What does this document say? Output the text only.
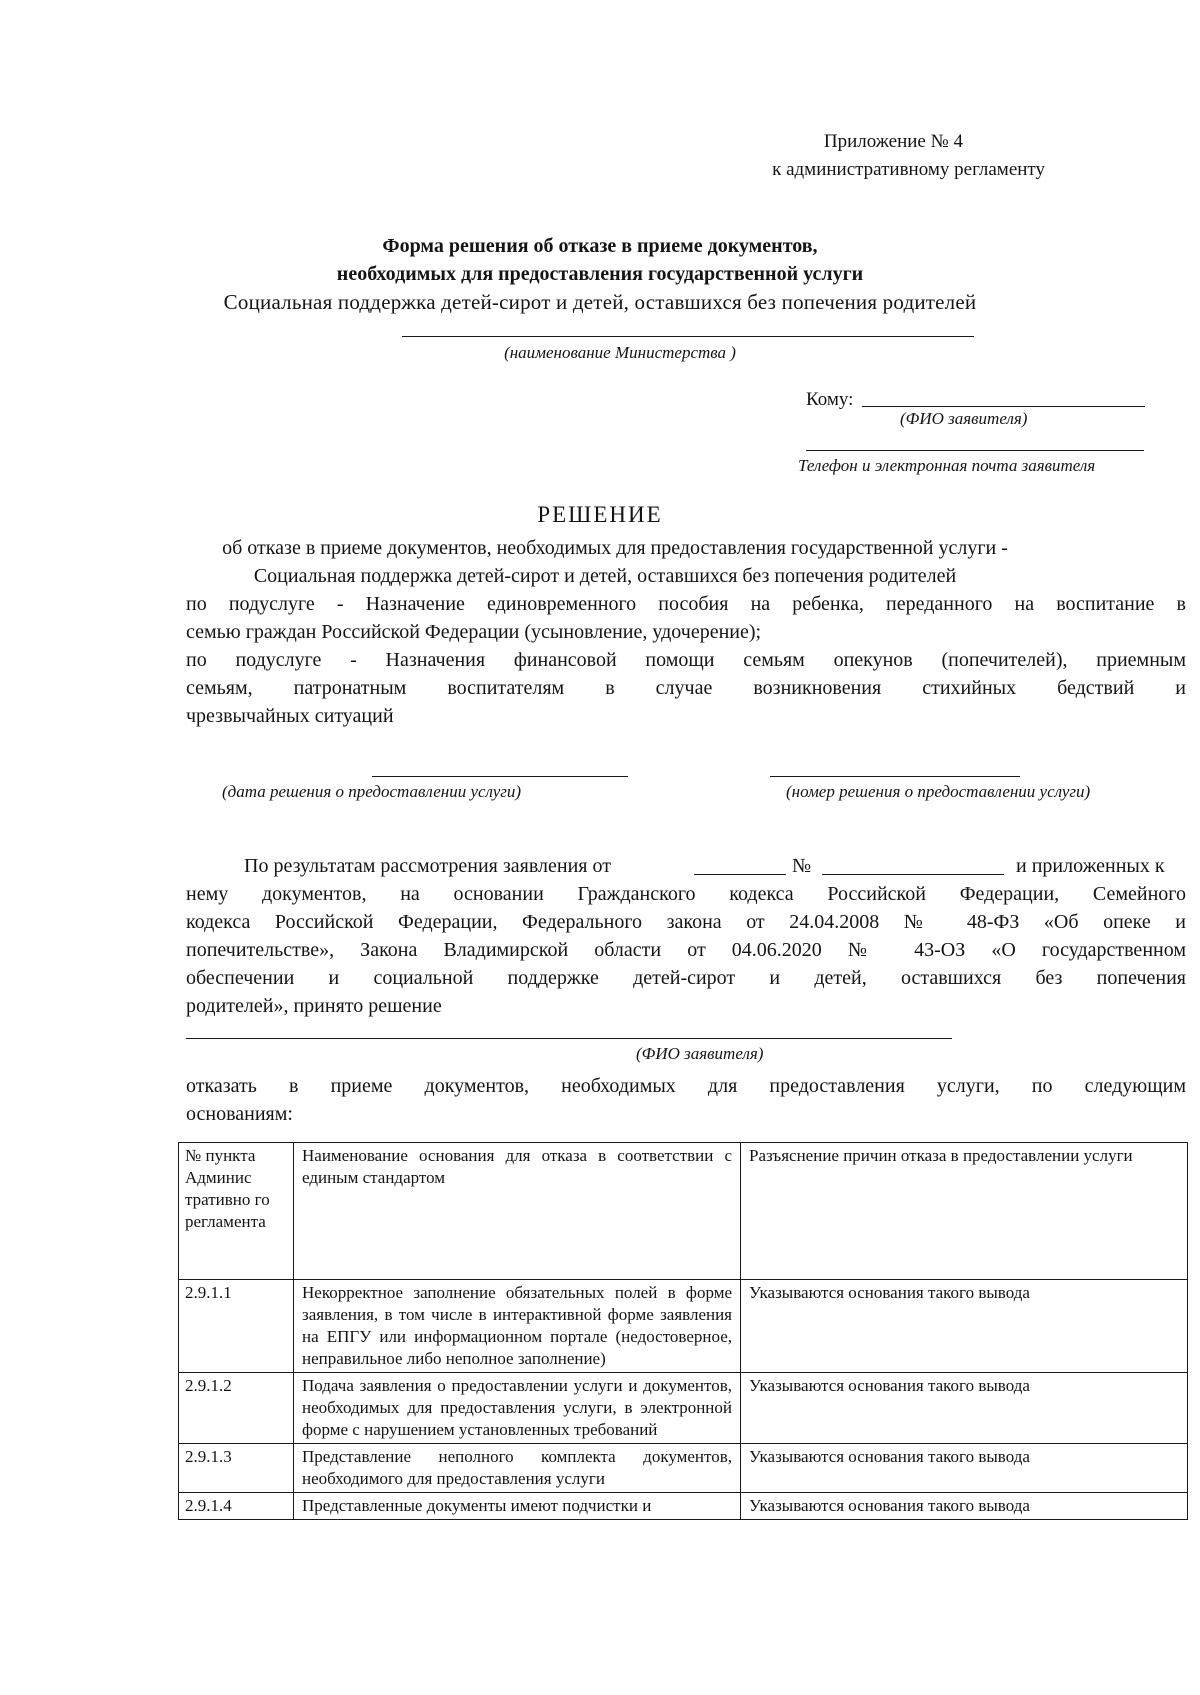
Приложение № 4
к административному регламенту
Форма решения об отказе в приеме документов,
необходимых для предоставления государственной услуги
Социальная поддержка детей-сирот и детей, оставшихся без попечения родителей
(наименование Министерства )
Кому:
(ФИО заявителя)
Телефон и электронная почта заявителя
РЕШЕНИЕ
об отказе в приеме документов, необходимых для предоставления государственной услуги -
Социальная поддержка детей-сирот и детей, оставшихся без попечения родителей
по подуслуге - Назначение единовременного пособия на ребенка, переданного на воспитание в
семью граждан Российской Федерации (усыновление, удочерение);
по подуслуге - Назначения финансовой помощи семьям опекунов (попечителей), приемным
семьям, патронатным воспитателям в случае возникновения стихийных бедствий и
чрезвычайных ситуаций
(дата решения о предоставлении услуги)	(номер решения о предоставлении услуги)
По результатам рассмотрения заявления от	№	и приложенных к
нему документов, на основании Гражданского кодекса Российской Федерации, Семейного
кодекса Российской Федерации, Федерального закона от 24.04.2008 № 48-ФЗ «Об опеке и
попечительстве», Закона Владимирской области от 04.06.2020 № 43-ОЗ «О государственном
обеспечении и социальной поддержке детей-сирот и детей, оставшихся без попечения
родителей», принято решение
(ФИО заявителя)
отказать в приеме документов, необходимых для предоставления услуги, по следующим
основаниям:
№ пункта Админис тративно го регламента	Наименование основания для отказа в соответствии с единым стандартом	Разъяснение причин отказа в предоставлении услуги
2.9.1.1	Некорректное заполнение обязательных полей в форме заявления, в том числе в интерактивной форме заявления на ЕПГУ или информационном портале (недостоверное, неправильное либо неполное заполнение)	Указываются основания такого вывода
2.9.1.2	Подача заявления о предоставлении услуги и документов, необходимых для предоставления услуги, в электронной форме с нарушением установленных требований	Указываются основания такого вывода
2.9.1.3	Представление неполного комплекта документов, необходимого для предоставления услуги	Указываются основания такого вывода
2.9.1.4	Представленные документы имеют подчистки и	Указываются основания такого вывода
